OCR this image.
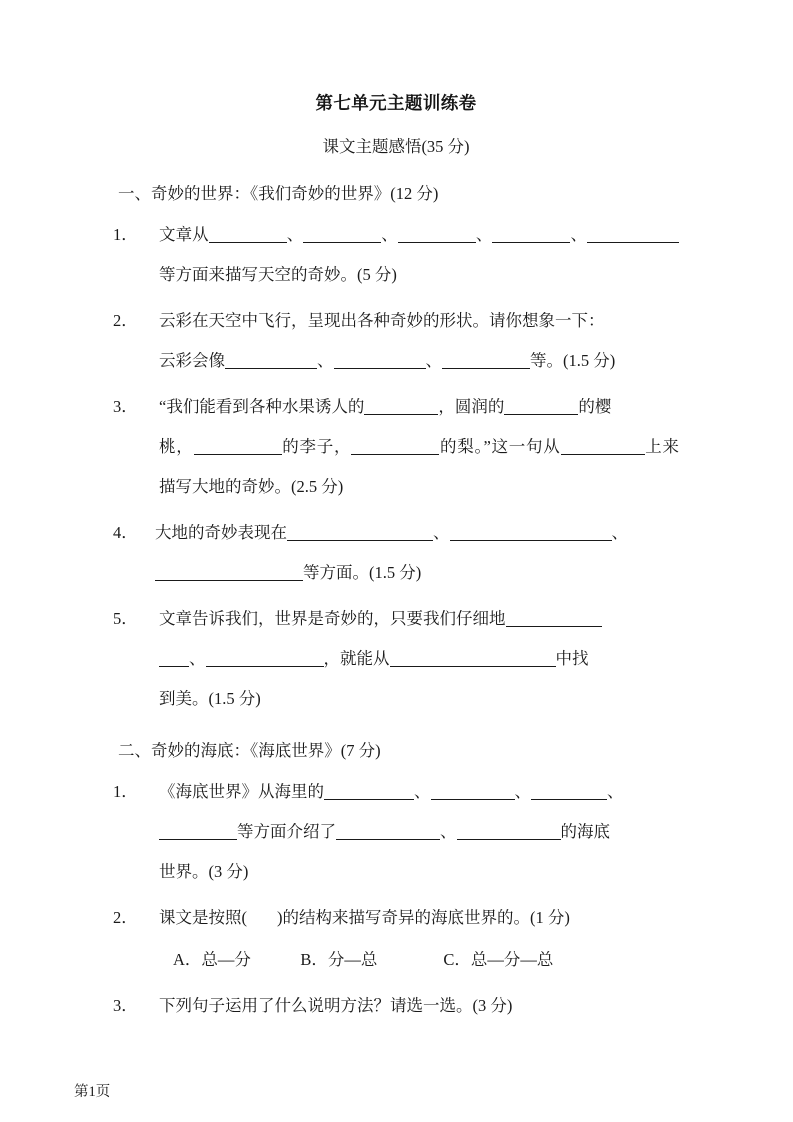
第七单元主题训练卷
课文主题感悟(35 分)
一、奇妙的世界：《我们奇妙的世界》(12 分)
1． 文章从	、	、	、	、等方面来描写天空的奇妙。(5 分)
2． 云彩在天空中飞行，呈现出各种奇妙的形状。请你想象一下：
云彩会像	、	、	等。(1.5 分)
3． “我们能看到各种水果诱人的	，圆润的	的樱
桃，	的李子，	的梨。”这一句从	上来描写大地的奇妙。(2.5 分)
4． 大地的奇妙表现在	、	、
等方面。(1.5 分)
5． 文章告诉我们，世界是奇妙的，只要我们仔细地
、	，就能从	中找
到美。(1.5 分)
二、奇妙的海底：《海底世界》(7 分)
1． 《海底世界》从海里的	、	、	、
等方面介绍了	、	的海底
世界。(3 分)
2． 课文是按照( )的结构来描写奇异的海底世界的。(1 分)
A．总—分　　　B．分—总　　　　C．总—分—总
3． 下列句子运用了什么说明方法？请选一选。(3 分)
第1页
